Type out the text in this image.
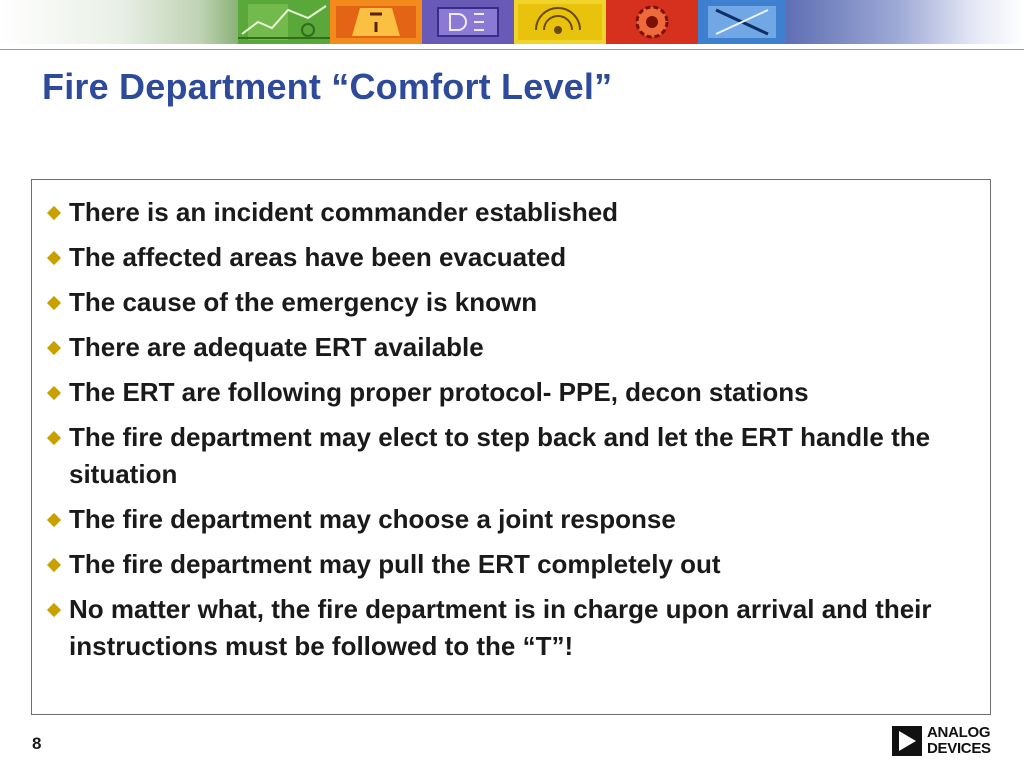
Fire Department “Comfort Level”
There is an incident commander established
The affected areas have been evacuated
The cause of the emergency is known
There are adequate ERT available
The ERT are following proper protocol- PPE, decon stations
The fire department may elect to step back and let the ERT handle the situation
The fire department may choose a joint response
The fire department may pull the ERT completely out
No matter what, the fire department is in charge upon arrival and their instructions must be followed to the “T”!
8
ANALOG
DEVICES
